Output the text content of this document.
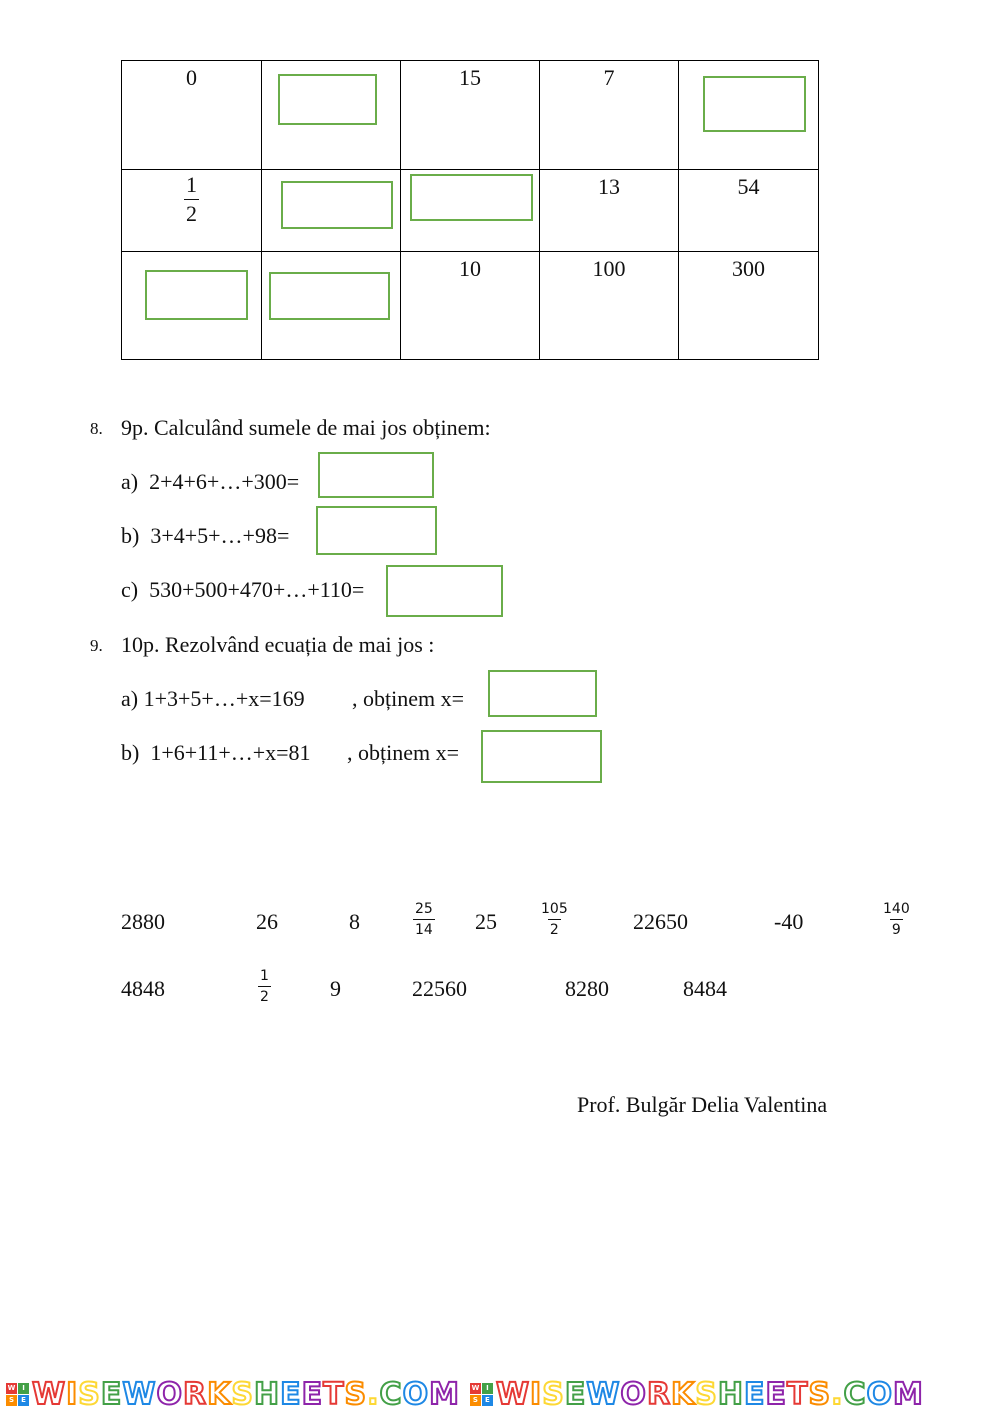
0		15	7	

$\frac{1}{2}$			13	54

		10	100	300
8. 9p. Calculând sumele de mai jos obținem:
a) 2+4+6+…+300=
b) 3+4+5+…+98=
c) 530+500+470+…+110=
9. 10p. Rezolvând ecuația de mai jos :
a) 1+3+5+…+x=169 , obținem x=
b) 1+6+11+…+x=81 , obținem x=
2880	26	8	$\frac{25}{14} 25$	$\frac{105}{2}$	22650	-40	$\frac{140}{9}$
4848	$\frac{1}{2}$	9	22560	8280	8484
Prof. Bulgăr Delia Valentina
W I
S	E WISEWORKSHEETS.COM W I
S	E WISEWORKSHEETS.COM
